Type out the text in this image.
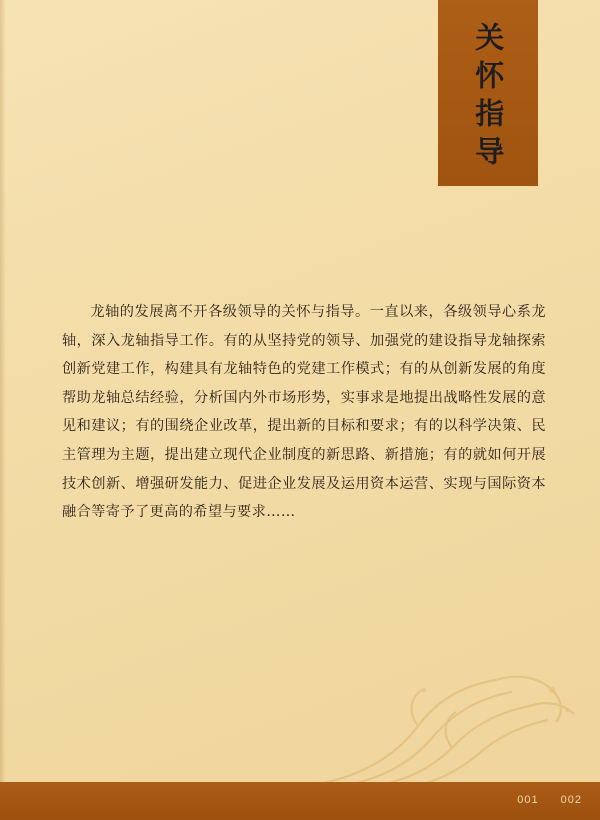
关怀指导
龙轴的发展离不开各级领导的关怀与指导。一直以来，各级领导心系龙轴，深入龙轴指导工作。有的从坚持党的领导、加强党的建设指导龙轴探索创新党建工作，构建具有龙轴特色的党建工作模式；有的从创新发展的角度帮助龙轴总结经验，分析国内外市场形势，实事求是地提出战略性发展的意见和建议；有的围绕企业改革，提出新的目标和要求；有的以科学决策、民主管理为主题，提出建立现代企业制度的新思路、新措施；有的就如何开展技术创新、增强研发能力、促进企业发展及运用资本运营、实现与国际资本融合等寄予了更高的希望与要求……
001 002
